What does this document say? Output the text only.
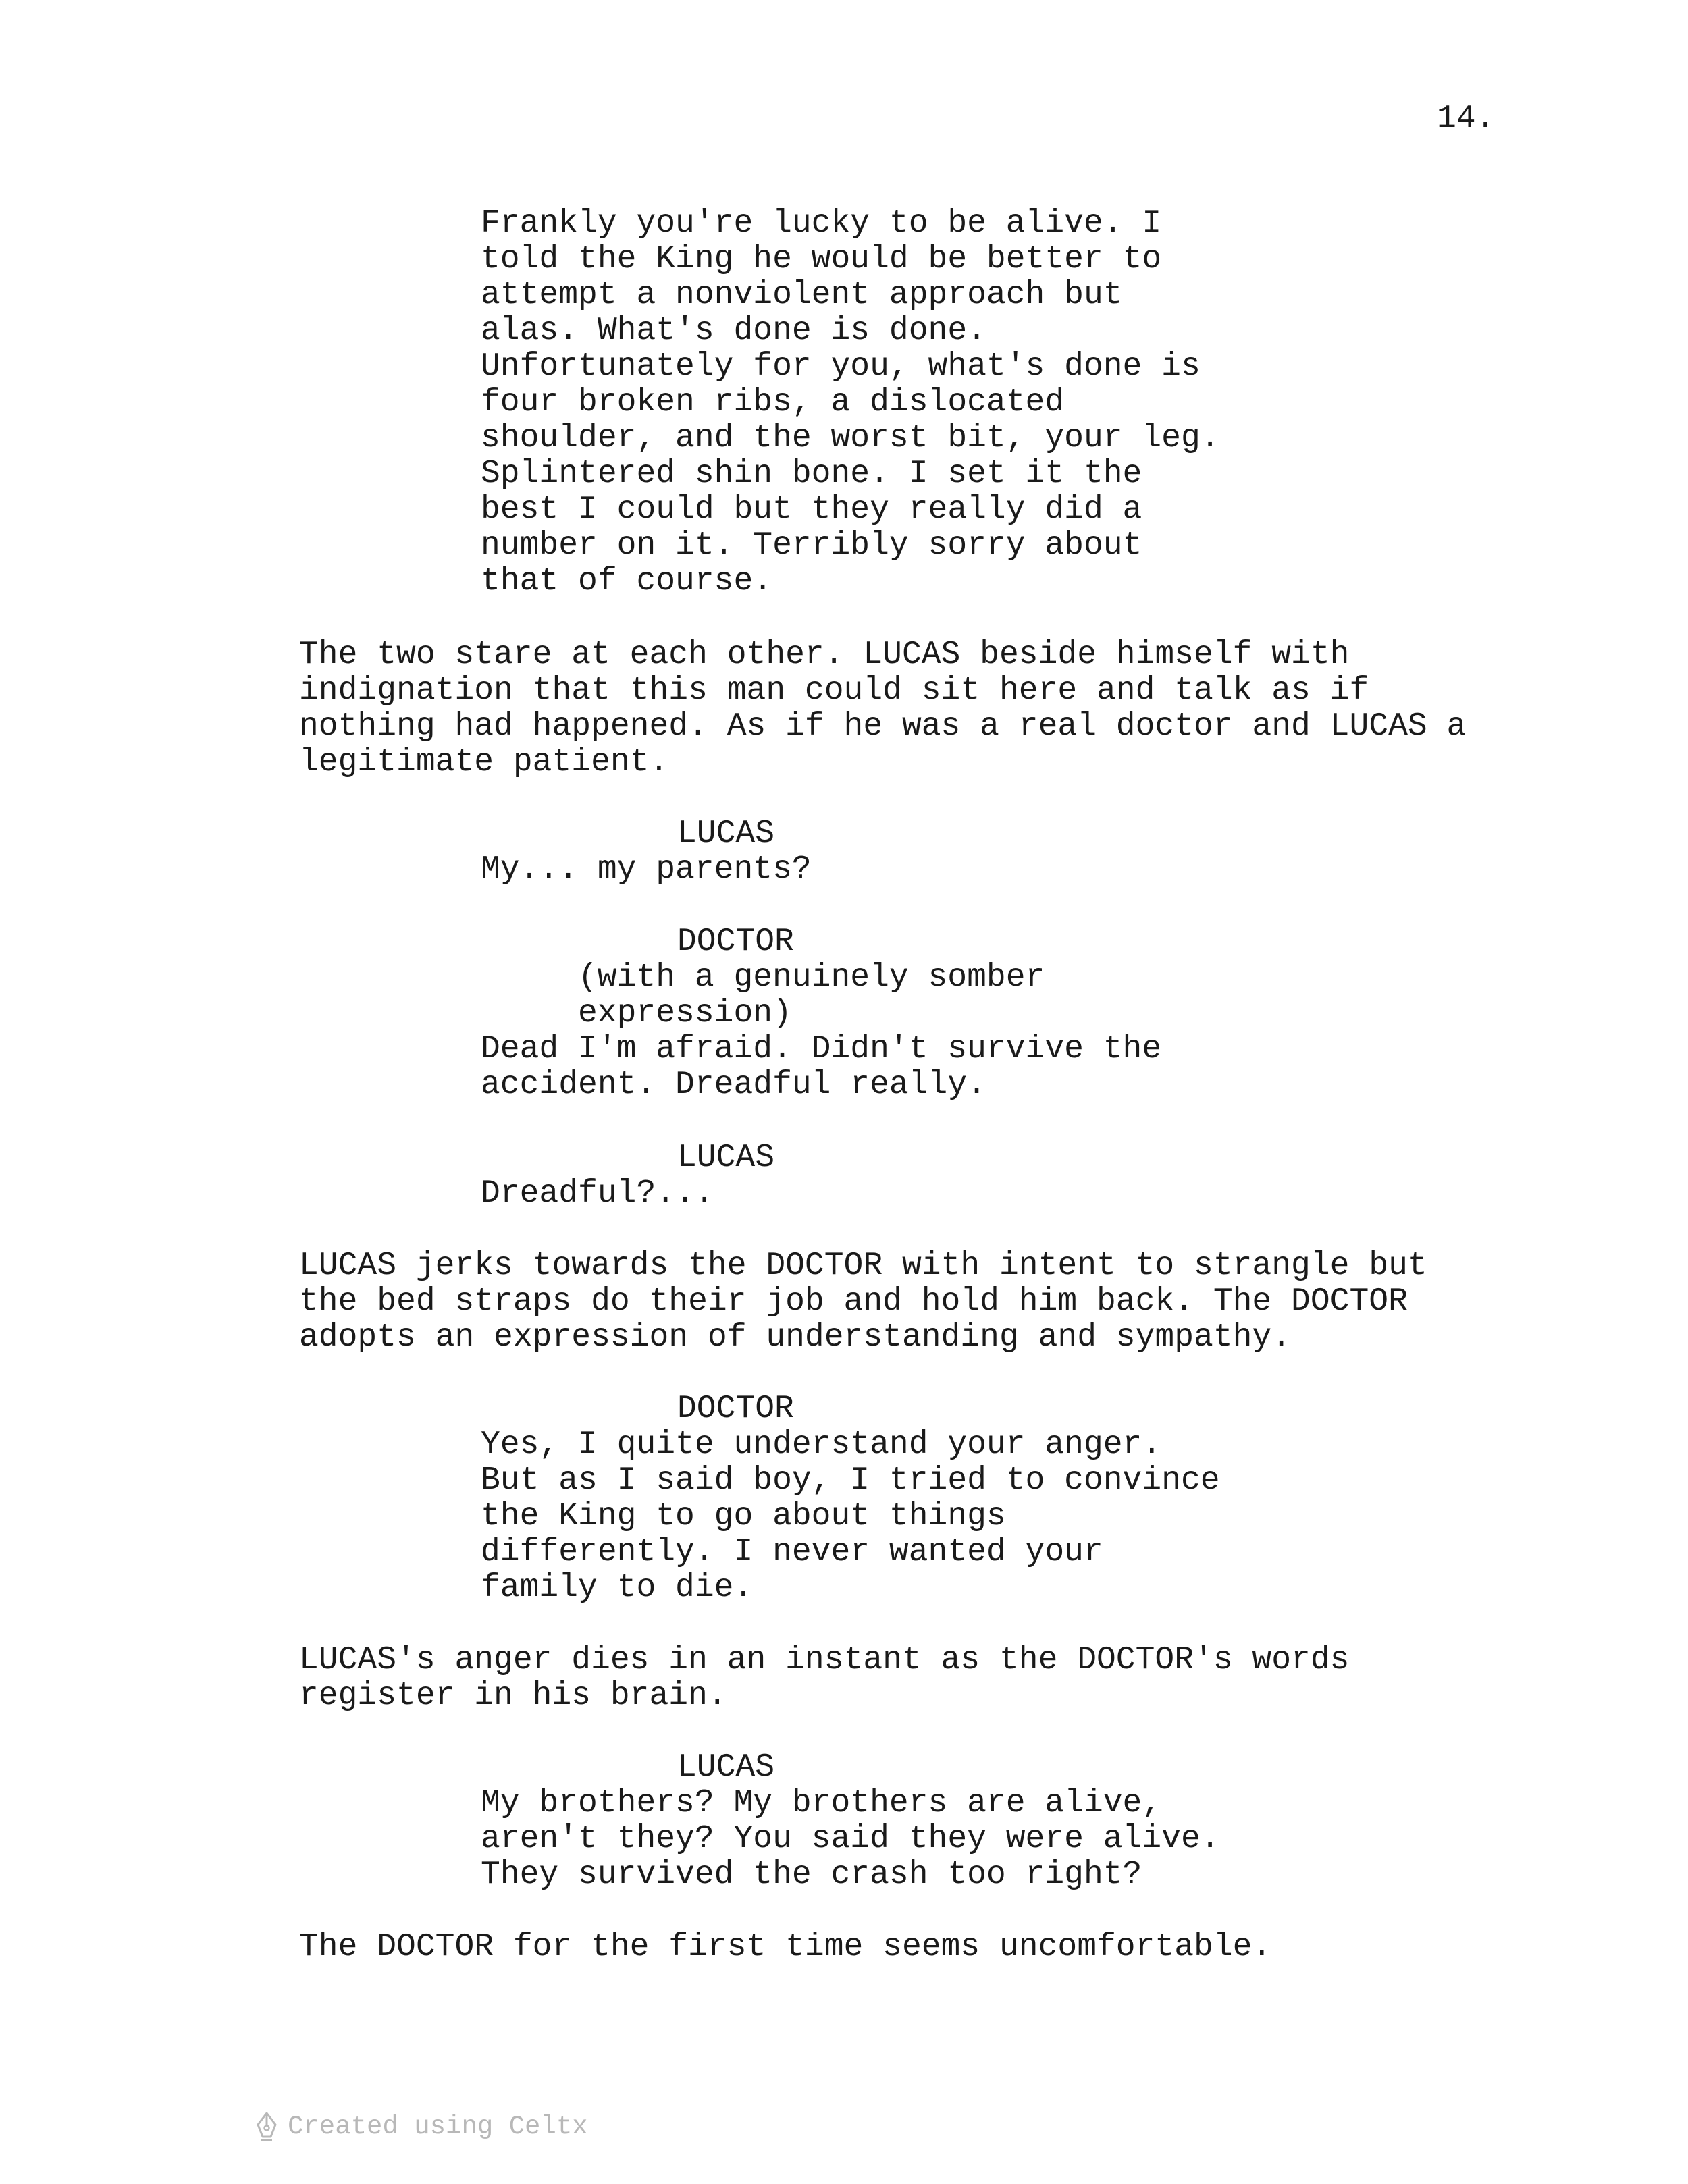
14.
Frankly you're lucky to be alive. I
told the King he would be better to
attempt a nonviolent approach but
alas. What's done is done.
Unfortunately for you, what's done is
four broken ribs, a dislocated
shoulder, and the worst bit, your leg.
Splintered shin bone. I set it the
best I could but they really did a
number on it. Terribly sorry about
that of course.
The two stare at each other. LUCAS beside himself with
indignation that this man could sit here and talk as if
nothing had happened. As if he was a real doctor and LUCAS a
legitimate patient.
LUCAS
My... my parents?
DOCTOR
(with a genuinely somber
expression)
Dead I'm afraid. Didn't survive the
accident. Dreadful really.
LUCAS
Dreadful?...
LUCAS jerks towards the DOCTOR with intent to strangle but
the bed straps do their job and hold him back. The DOCTOR
adopts an expression of understanding and sympathy.
DOCTOR
Yes, I quite understand your anger.
But as I said boy, I tried to convince
the King to go about things
differently. I never wanted your
family to die.
LUCAS's anger dies in an instant as the DOCTOR's words
register in his brain.
LUCAS
My brothers? My brothers are alive,
aren't they? You said they were alive.
They survived the crash too right?
The DOCTOR for the first time seems uncomfortable.
Created using Celtx
